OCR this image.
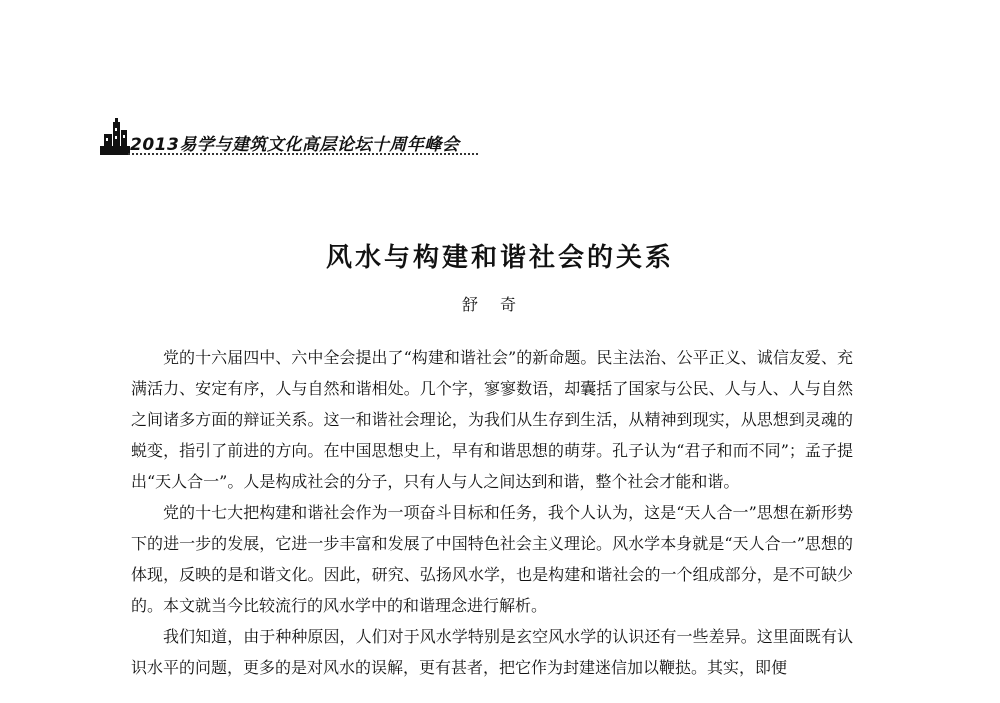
2013易学与建筑文化高层论坛十周年峰会
风水与构建和谐社会的关系
舒奇

党的十六届四中、六中全会提出了“构建和谐社会”的新命题。民主法治、公平正义、诚信友爱、充满活力、安定有序，人与自然和谐相处。几个字，寥寥数语，却囊括了国家与公民、人与人、人与自然之间诸多方面的辩证关系。这一和谐社会理论，为我们从生存到生活，从精神到现实，从思想到灵魂的蜕变，指引了前进的方向。在中国思想史上，早有和谐思想的萌芽。孔子认为“君子和而不同”；孟子提出“天人合一”。人是构成社会的分子，只有人与人之间达到和谐，整个社会才能和谐。

党的十七大把构建和谐社会作为一项奋斗目标和任务，我个人认为，这是“天人合一”思想在新形势下的进一步的发展，它进一步丰富和发展了中国特色社会主义理论。风水学本身就是“天人合一”思想的体现，反映的是和谐文化。因此，研究、弘扬风水学，也是构建和谐社会的一个组成部分，是不可缺少的。本文就当今比较流行的风水学中的和谐理念进行解析。

我们知道，由于种种原因，人们对于风水学特别是玄空风水学的认识还有一些差异。这里面既有认识水平的问题，更多的是对风水的误解，更有甚者，把它作为封建迷信加以鞭挞。其实，即便
